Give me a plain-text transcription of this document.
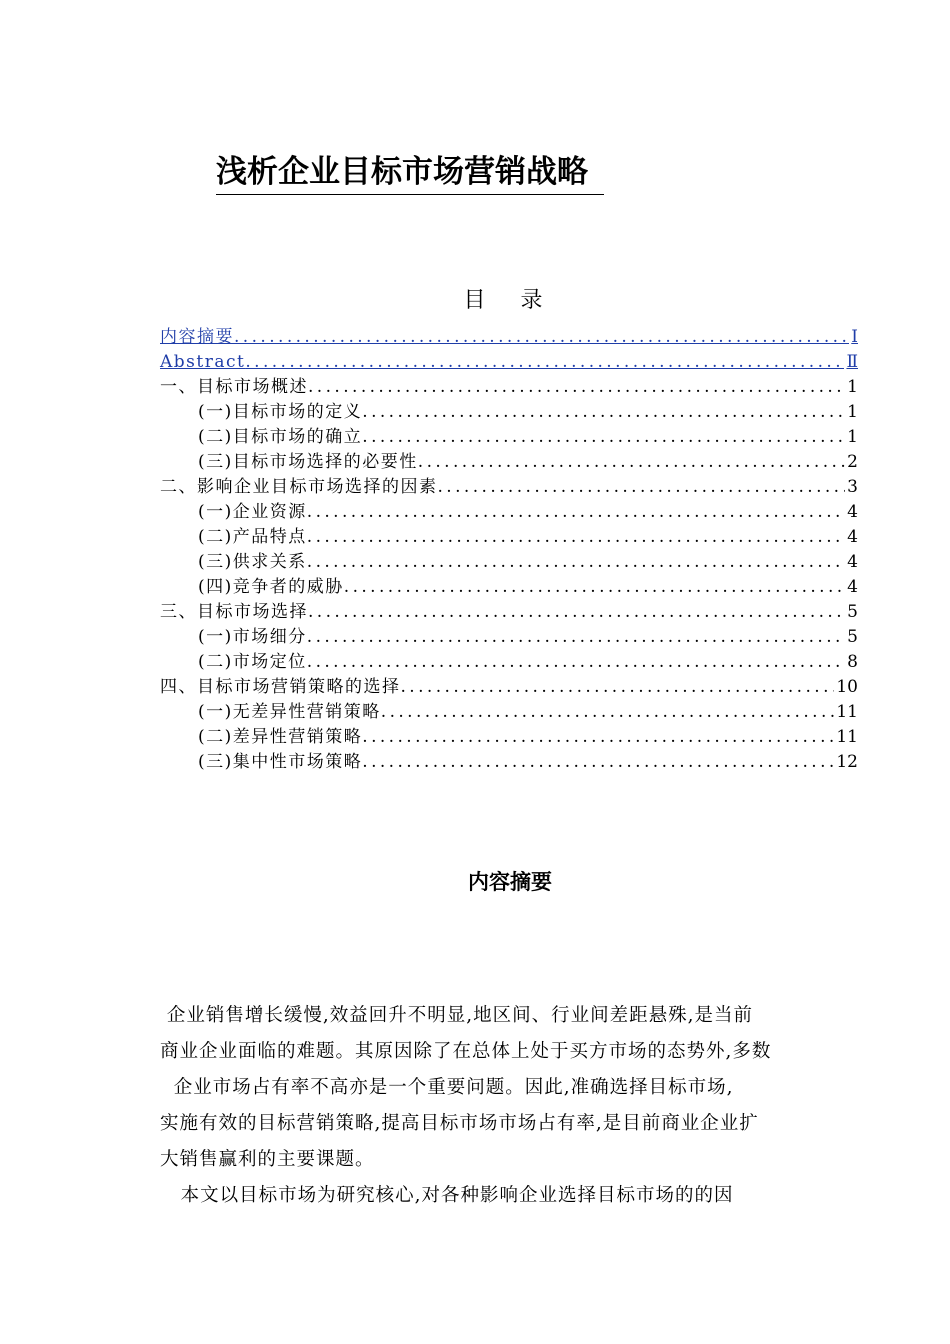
浅析企业目标市场营销战略
目 录
内容摘要 .....	Ⅰ
Abstract .....	Ⅱ
一、目标市场概述 .....	1
(一)目标市场的定义 .....	1
(二)目标市场的确立 .....	1
(三)目标市场选择的必要性 .....	2
二、影响企业目标市场选择的因素 .....	3
(一)企业资源 .....	4
(二)产品特点 .....	4
(三)供求关系 .....	4
(四)竞争者的威胁 .....	4
三、目标市场选择 .....	5
(一)市场细分 .....	5
(二)市场定位 .....	8
四、目标市场营销策略的选择 .....	10
(一)无差异性营销策略 .....	11
(二)差异性营销策略 .....	11
(三)集中性市场策略 .....	12
内容摘要
企业销售增长缓慢,效益回升不明显,地区间、行业间差距悬殊,是当前
商业企业面临的难题。其原因除了在总体上处于买方市场的态势外,多数
企业市场占有率不高亦是一个重要问题。因此,准确选择目标市场,
实施有效的目标营销策略,提高目标市场市场占有率,是目前商业企业扩
大销售赢利的主要课题。
本文以目标市场为研究核心,对各种影响企业选择目标市场的的因
